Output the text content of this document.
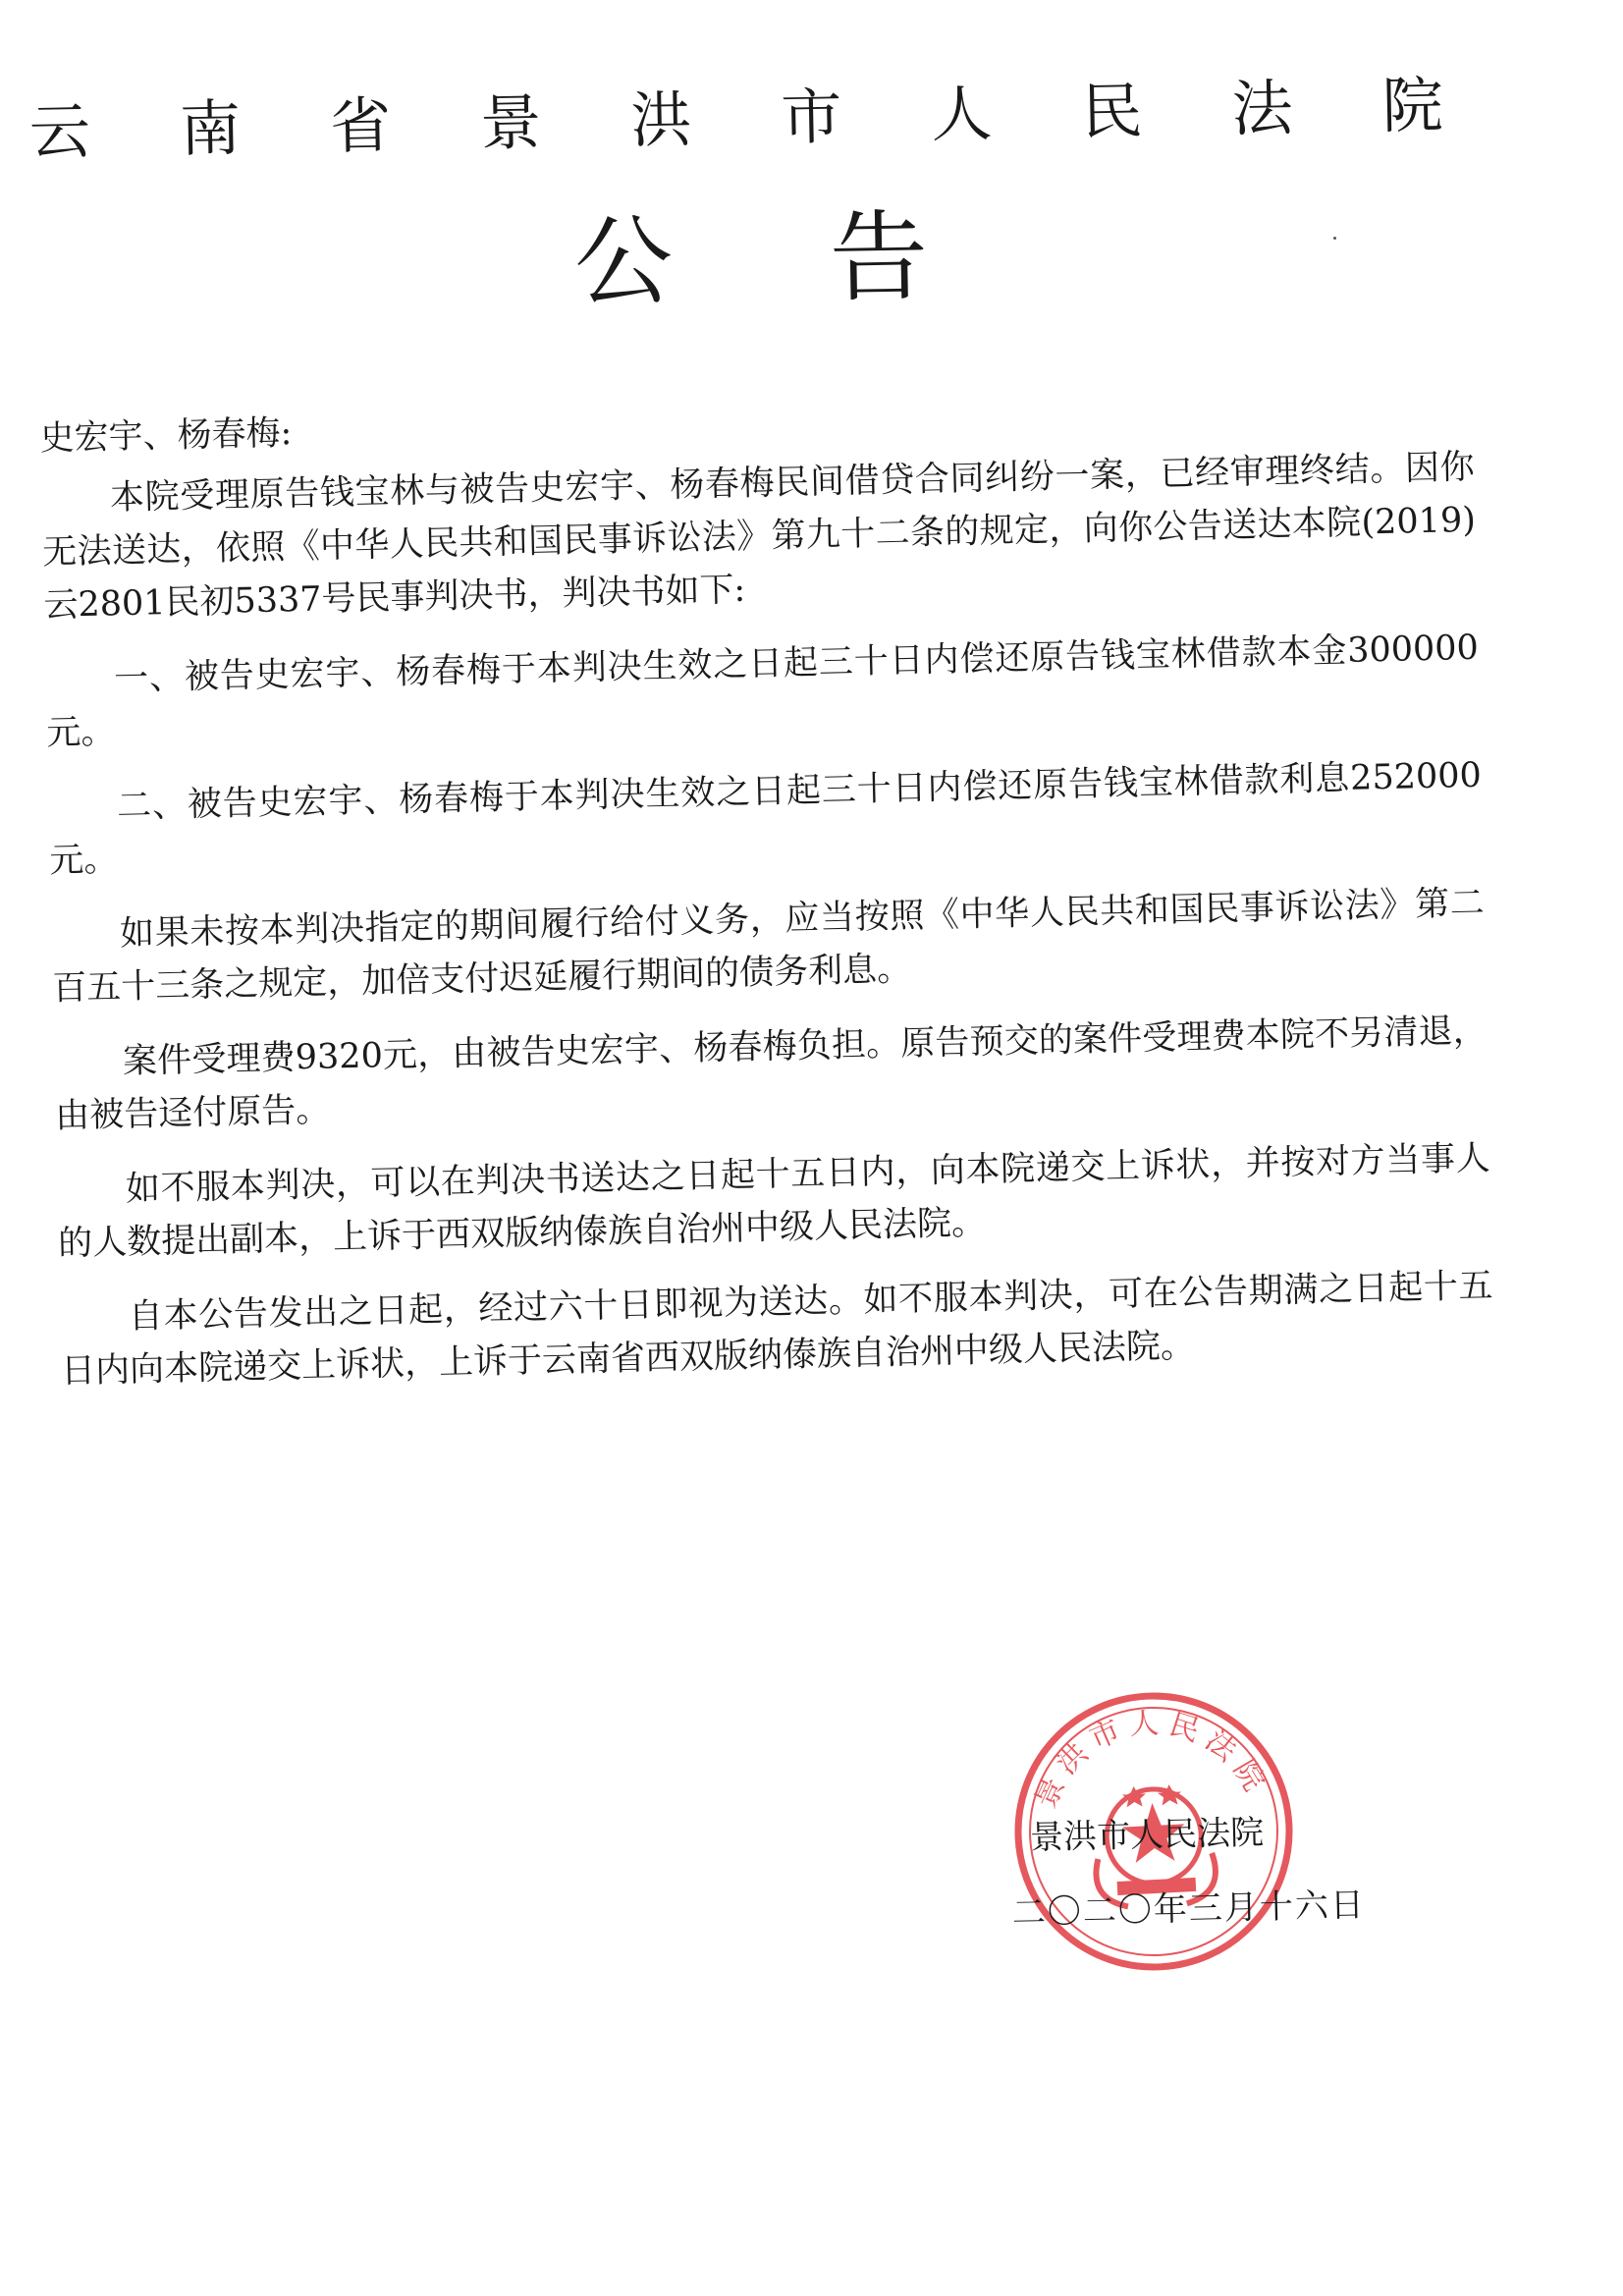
云 南 省 景 洪 市 人 民 法 院
公 告

史宏宇、杨春梅:

本院受理原告钱宝林与被告史宏宇、杨春梅民间借贷合同纠纷一案，已经审理终结。因你无法送达，依照《中华人民共和国民事诉讼法》第九十二条的规定，向你公告送达本院(2019)云2801民初5337号民事判决书，判决书如下:

一、被告史宏宇、杨春梅于本判决生效之日起三十日内偿还原告钱宝林借款本金300000元。

二、被告史宏宇、杨春梅于本判决生效之日起三十日内偿还原告钱宝林借款利息252000元。

如果未按本判决指定的期间履行给付义务，应当按照《中华人民共和国民事诉讼法》第二百五十三条之规定，加倍支付迟延履行期间的债务利息。

案件受理费9320元，由被告史宏宇、杨春梅负担。原告预交的案件受理费本院不另清退，由被告迳付原告。

如不服本判决，可以在判决书送达之日起十五日内，向本院递交上诉状，并按对方当事人的人数提出副本，上诉于西双版纳傣族自治州中级人民法院。

自本公告发出之日起，经过六十日即视为送达。如不服本判决，可在公告期满之日起十五日内向本院递交上诉状，上诉于云南省西双版纳傣族自治州中级人民法院。

景洪市人民法院
景洪市人民法院
二〇二〇年三月十六日
